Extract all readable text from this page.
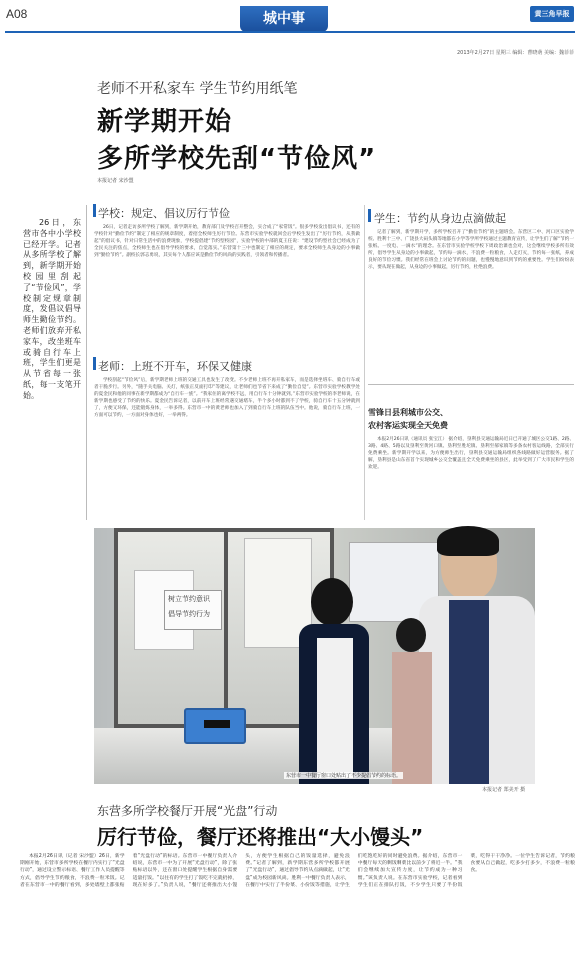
A08	城中事	黄三角早报
2013年2月27日 星期三 编辑：曹晓萌 美编：魏菲菲
老师不开私家车 学生节约用纸笔
新学期开始
多所学校先刮“节俭风”
本报记者 宋沙盟
26日，东营市各中小学校已经开学。记者从多所学校了解到，新学期开始校园里刮起了“节俭风”，学校制定规章制度，发倡议倡导师生勤俭节约。老师们放弃开私家车，改坐班车或骑自行车上班，学生们更是从节省每一张纸，每一支笔开始。
学校：规定、倡议厉行节俭
26日，记者走访多所学校了解到，新学期开始，教育部门及学校召开整会，实合成了“家常饭”。很多学校发出倡议书，还有的学校针对“勤俭节约”制定了相应的规章制度，着招全校师生厉行节俭。东营市实验学校就回会后学校生发出了“厉行节约，从我做起”的倡议书，针对日常生活中的浪费现象，学校提倡建“节约型校园”，实验学校的中部的夏王任说：“建设节约型社会已经成为了全民关注的焦点，全校师生也在倡导学校的要求，自觉落实。”东营第十三中也制定了相应的规定，要求全校师生从身边的小事做到“勤俭节约”。副校长郭志勇说，其实每个人都应该是勤俭节约风尚的实践者，引领者和传播者。
老师：上班不开车，环保又健康
学校刮起“节俭风”后，新学期老师上班的交通工具也发生了改变。不少老师上班不再开私家车，而是选择坐班车、骑自行车或者干脆步行。另外，“随手关电脑、关灯，纸张正反面打印”等建议，让老师们也节省下来成了“勤俭自觉”。东营市实验学校教学处的夏金民和他的同事在新学期都成为“自行车一族”。“我家住的离学校不远，用自行车十分钟就到。”东营市实验学校的李老师说，在新学期也感受了节约的快乐。夏金民告诉记者，以前开车上班经常遇交通堵车，半个多小时都到不了学校，骑自行车十五分钟就到了，方便又环保，还能锻炼身体，一举多得。东营市一中的黄老师也加入了到骑自行车上班的队伍当中。他说，骑自行车上班，一方面可以节约，一方面对身体也好，一举两得。
学生：节约从身边点滴做起
记者了解到，新学期开学，多所学校召开了“勤俭节约”的主题班会。东营区二中、河口区实验学校、胜利十三中、广饶县大码头镇等地都在小学等学所学校通过主题教育宣传，让学生们了解“节约一张纸、一度电、一滴水”的理念。在东营市实验学校学校下周政治课也会对，这会继续学校多所有效所，倡导学生从身边的小事做起，节约每一滴水，不浪费一粒粮食，人走灯灭，节约每一张纸，养成良好的节俭习惯。我们经常在班会上讨论节约的问题，也慢慢地意识到节约的重要性。学生们纷纷表示，要从现在做起，从身边的小事做起，厉行节约，杜绝浪费。
雪锋日县利城市公交、
农村客运实现全天免费
本报2月26日讯（通讯员 张宝江） 据介绍，垦利县交通运输局近日已开通了城区公交1路、2路、3路、4路、5路以及垦利至黄河口镇、垦利至胜坨镇、垦利至郝家镇等多条农村客运线路，全部实行免费乘坐。新学期开学以来，为方便师生出行，垦利县交通运输局组织各线路做好运营服务。据了解，垦利县是山东省首个实现城乡公交全覆盖且全天免费乘坐的县区，此举受到了广大市民和学生的欢迎。
树立节约意识
倡导节约行为
东营市一中餐厅窗口处贴出了不少提倡节约的标语。
本报记者 郑美开 摄
东营多所学校餐厅开展“光盘”行动
厉行节俭，餐厅还将推出“大小馒头”
本报2月26日讯（记者 宋沙盟）26日，新学期刚开始，东营市多所学校在餐厅内实行了“光盘行动”，通过设立警示标语、餐厅工作人员提醒等方式，倡导学生节约粮食，不浪费一粒米饭。记者在东营市一中的餐厅看到，多处墙壁上都张贴着“光盘行动”的标语。东营市一中餐厅负责人介绍说，东营市一中为了开展“光盘行动”，除了张贴标语以外，还在窗口处提醒学生根据自身需要适量打饭。“以往有的学生打了饭吃不完就扔掉，现在好多了。”负责人说，“餐厅还将推出大小馒头，方便学生根据自己的饭量选择，避免浪费。”记者了解到，新学期东营多所学校都开展了“光盘行动”，通过倡导节约从点滴做起，让“光盘”成为校园新风尚。胜利一中餐厅负责人表示，在餐厅中实行了半份菜、小份饭等措施，让学生们吃饱吃好的同时避免浪费。据介绍，东营市一中餐厅每天的剩饭剩菜比以前少了将近一半。“我们会继续加大宣传力度，让节约成为一种习惯。”该负责人说。在东营市实验学校，记者看到学生们正在排队打饭，不少学生只要了半份饭菜，吃得干干净净。一位学生告诉记者，节约粮食要从自己做起，吃多少打多少，不浪费一粒粮食。
